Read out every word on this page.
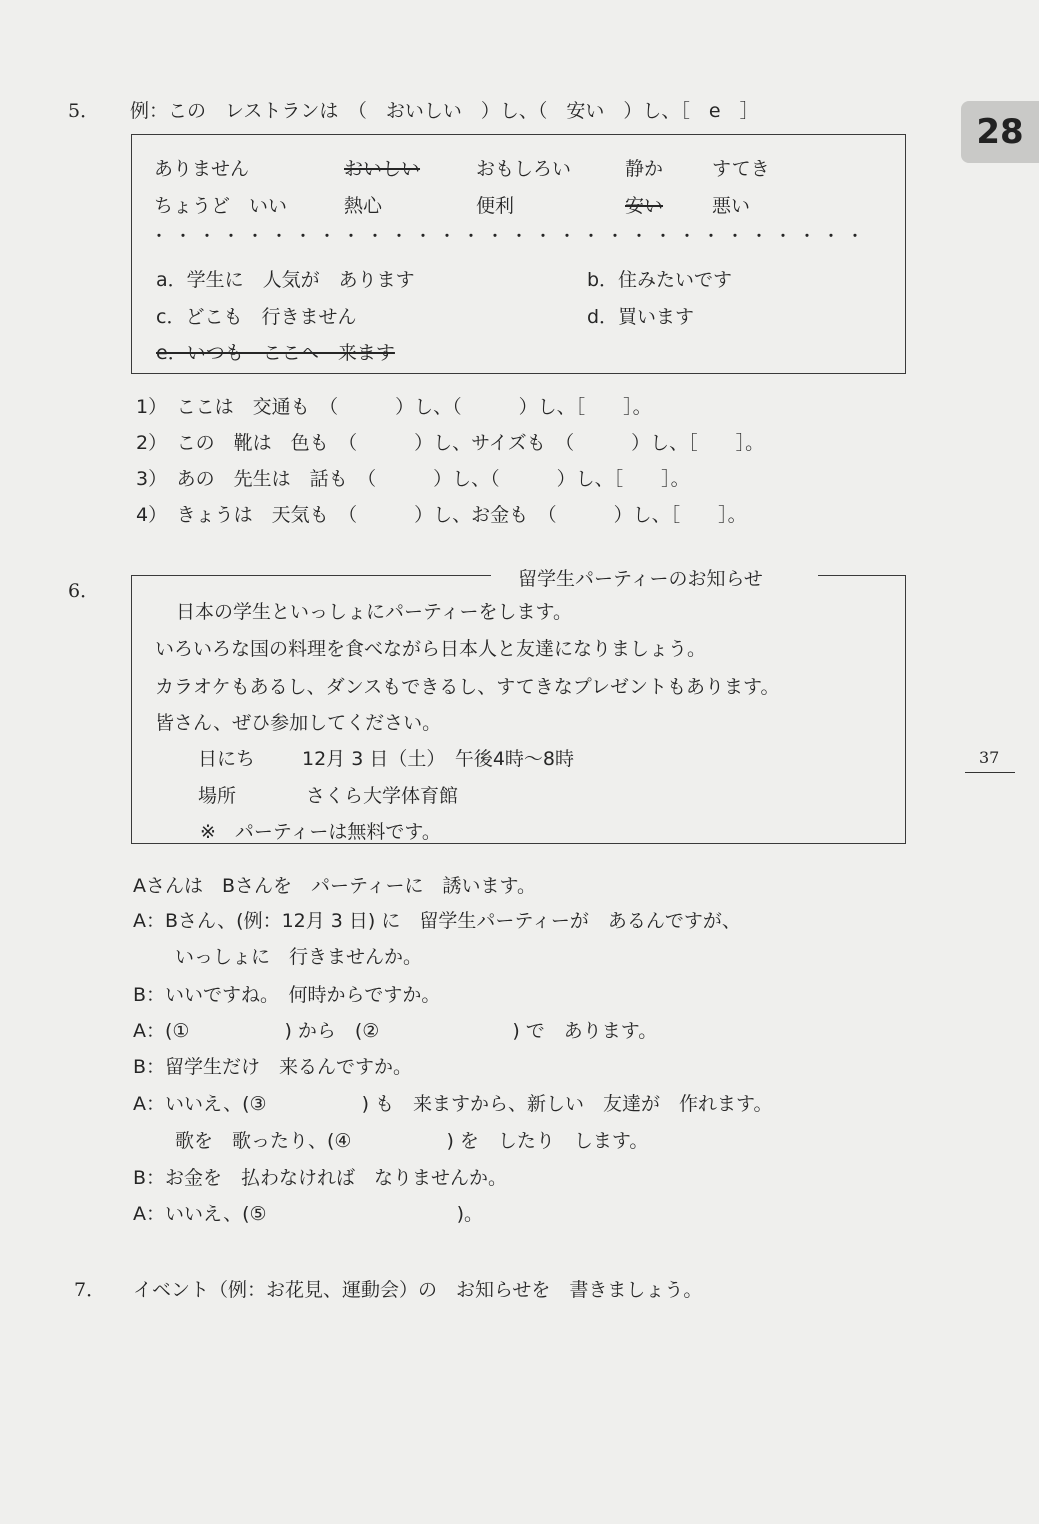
28
37
5． 例：この　レストランは　（　おいしい　）し、（　安い　）し、［　e　］
ありません	おいしい	おもしろい	静か	すてき
ちょうど　いい	熱心	便利	安い	悪い
・・・・・・・・・・・・・・・・・・・・・・・・・・・・・・
a．学生に　人気が　あります	b．住みたいです
c．どこも　行きません	d．買います
e．いつも　ここへ　来ます
1）　ここは　交通も　（　　　）し、（　　　）し、［　　］。
2）　この　靴は　色も　（　　　）し、サイズも　（　　　）し、［　　］。
3）　あの　先生は　話も　（　　　）し、（　　　）し、［　　］。
4）　きょうは　天気も　（　　　）し、お金も　（　　　）し、［　　］。
6．
留学生パーティーのお知らせ
日本の学生といっしょにパーティーをします。
いろいろな国の料理を食べながら日本人と友達になりましょう。
カラオケもあるし、ダンスもできるし、すてきなプレゼントもあります。
皆さん、ぜひ参加してください。
日にち 12月 3 日（土）　午後4時～8時
場所	さくら大学体育館
※　パーティーは無料です。
Aさんは　Bさんを　パーティーに　誘います。
A：Bさん、(例：12月 3 日) に　留学生パーティーが　あるんですが、
いっしょに　行きませんか。
B：いいですね。　何時からですか。
A：(①　　　　　) から　(②　　　　　　　) で　あります。
B：留学生だけ　来るんですか。
A：いいえ、(③　　　　　) も　来ますから、新しい　友達が　作れます。
歌を　歌ったり、(④　　　　　) を　したり　します。
B：お金を　払わなければ　なりませんか。
A：いいえ、(⑤　　　　　　　　　　)。
7． イベント（例：お花見、運動会）の　お知らせを　書きましょう。
